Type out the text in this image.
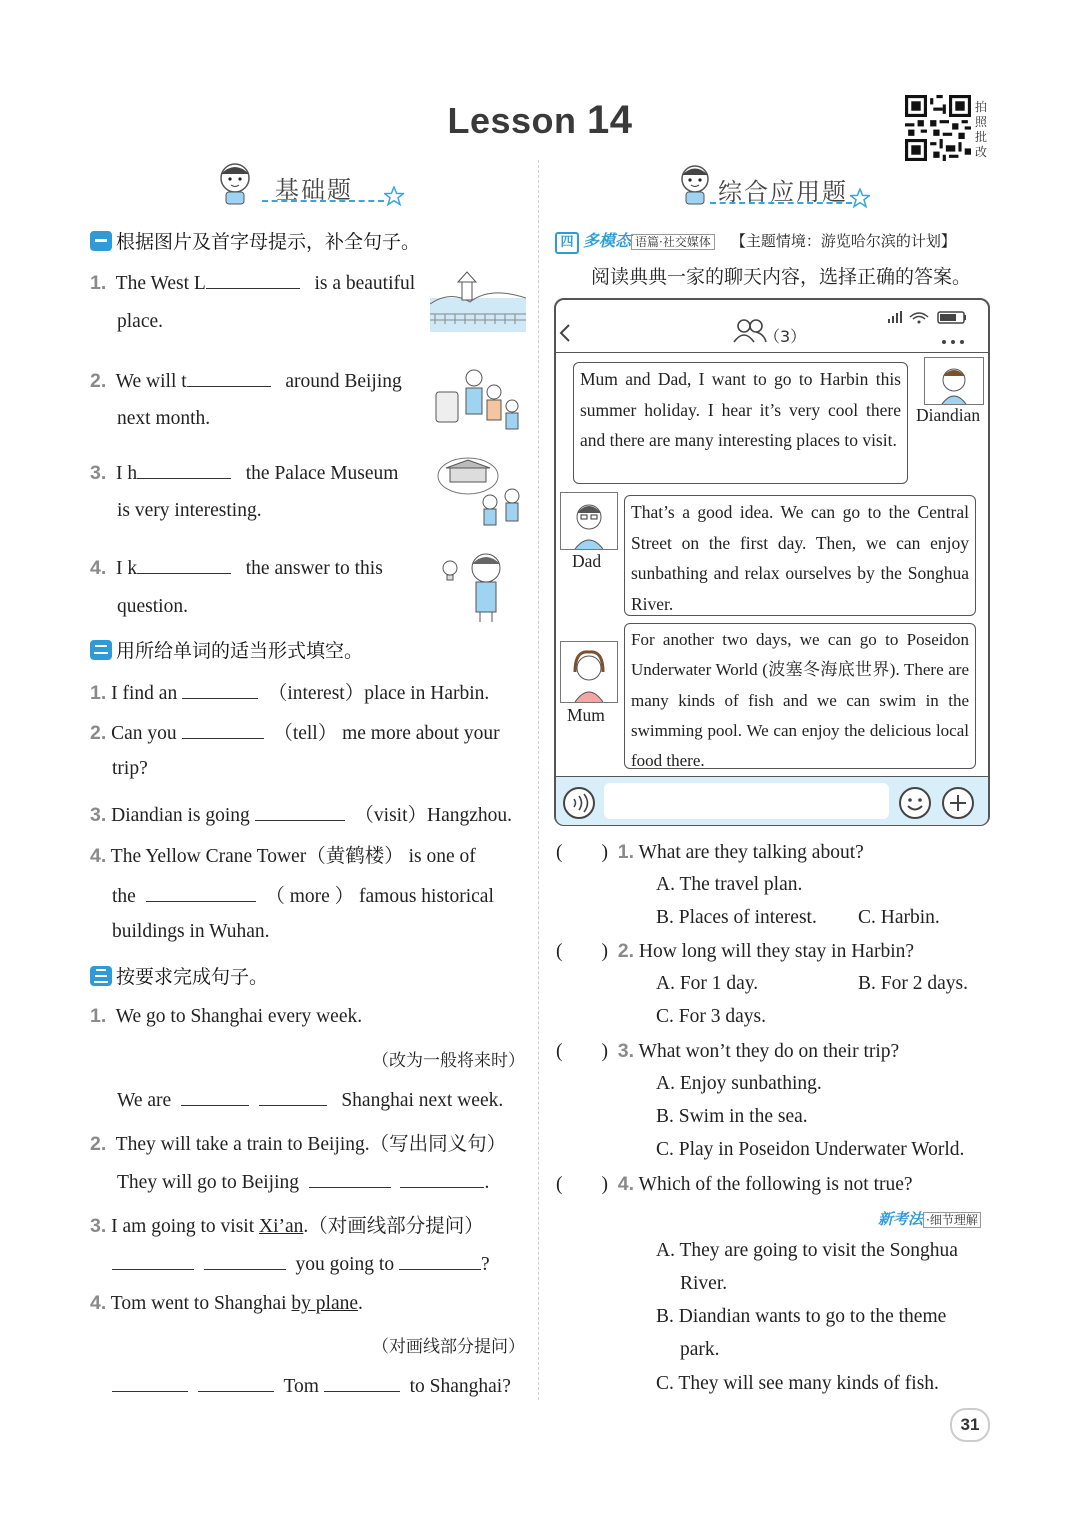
Lesson 14	拍
照
批
改
基础题	综合应用题
根据图片及首字母提示，补全句子。
1. The West L	is a beautiful
place.
2. We will t	around Beijing
next month.
3. I h	the Palace Museum
is very interesting.
4. I k	the answer to this
question.
用所给单词的适当形式填空。
1. I find an	（interest）place in Harbin.
2. Can you	（tell） me more about your
trip?
3. Diandian is going	（visit）Hangzhou.
4. The Yellow Crane Tower（黄鹤楼） is one of
the	（ more ） famous historical
buildings in Wuhan.
按要求完成句子。
1. We go to Shanghai every week.
（改为一般将来时）
We are	Shanghai next week.
2. They will take a train to Beijing.（写出同义句）
They will go to Beijing	.
3. I am going to visit Xi’an.（对画线部分提问）
you going to	?
4. Tom went to Shanghai by plane.
（对画线部分提问）
Tom	to Shanghai?
四 多模态 语篇·社交媒体 【主题情境：游览哈尔滨的计划】
阅读典典一家的聊天内容，选择正确的答案。
（3）
Mum and Dad, I want to go to Harbin this summer holiday. I hear it’s very cool there and there are many interesting places to visit.
Diandian
Dad
That’s a good idea. We can go to the Central Street on the first day. Then, we can enjoy sunbathing and relax ourselves by the Songhua River.
Mum
For another two days, we can go to Poseidon Underwater World (波塞冬海底世界). There are many kinds of fish and we can swim in the swimming pool. We can enjoy the delicious local food there.
(        ) 1. What are they talking about?
A. The travel plan.
B. Places of interest. C. Harbin.
(        ) 2. How long will they stay in Harbin?
A. For 1 day.	B. For 2 days.
C. For 3 days.
(        ) 3. What won’t they do on their trip?
A. Enjoy sunbathing.
B. Swim in the sea.
C. Play in Poseidon Underwater World.
(        ) 4. Which of the following is not true?
新考法 ·细节理解
A. They are going to visit the Songhua
River.
B. Diandian wants to go to the theme
park.
C. They will see many kinds of fish.
31
